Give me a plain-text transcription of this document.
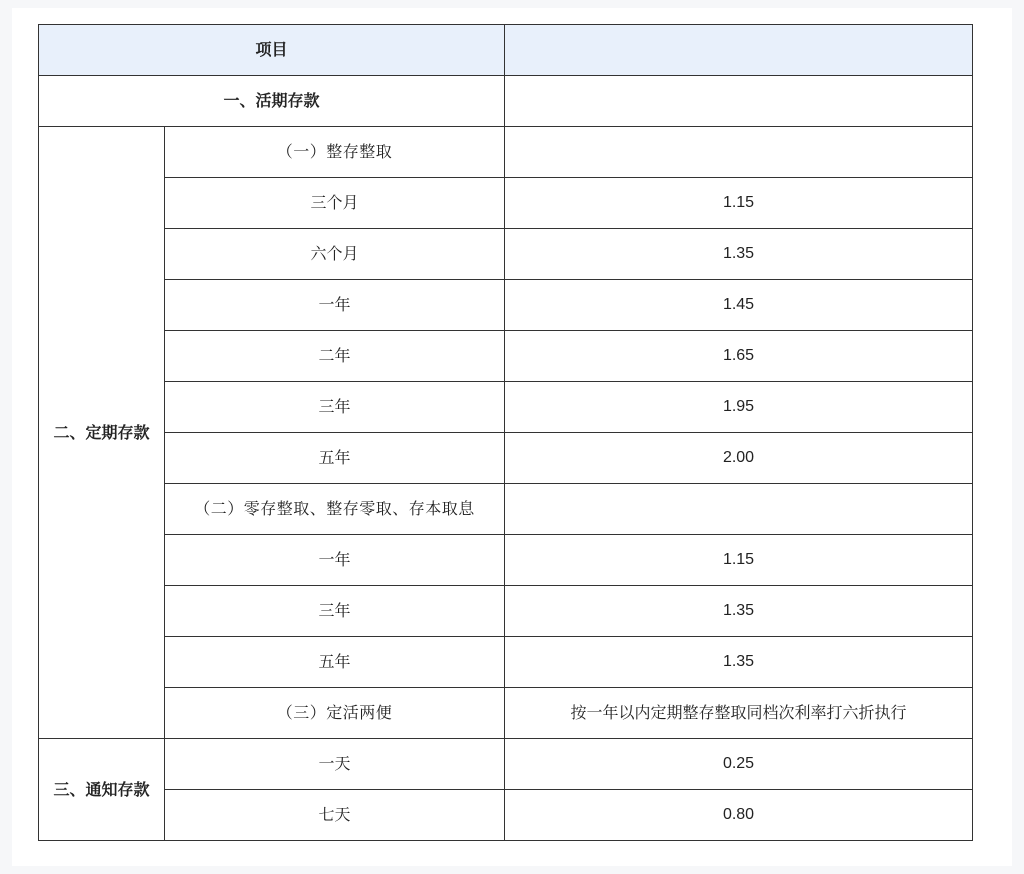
项目		
一、活期存款		
二、定期存款	（一）整存整取	
	三个月	1.15
	六个月	1.35
	一年	1.45
	二年	1.65
	三年	1.95
	五年	2.00
	（二）零存整取、整存零取、存本取息	
	一年	1.15
	三年	1.35
	五年	1.35
	（三）定活两便	按一年以内定期整存整取同档次利率打六折执行
三、通知存款	一天	0.25
	七天	0.80
